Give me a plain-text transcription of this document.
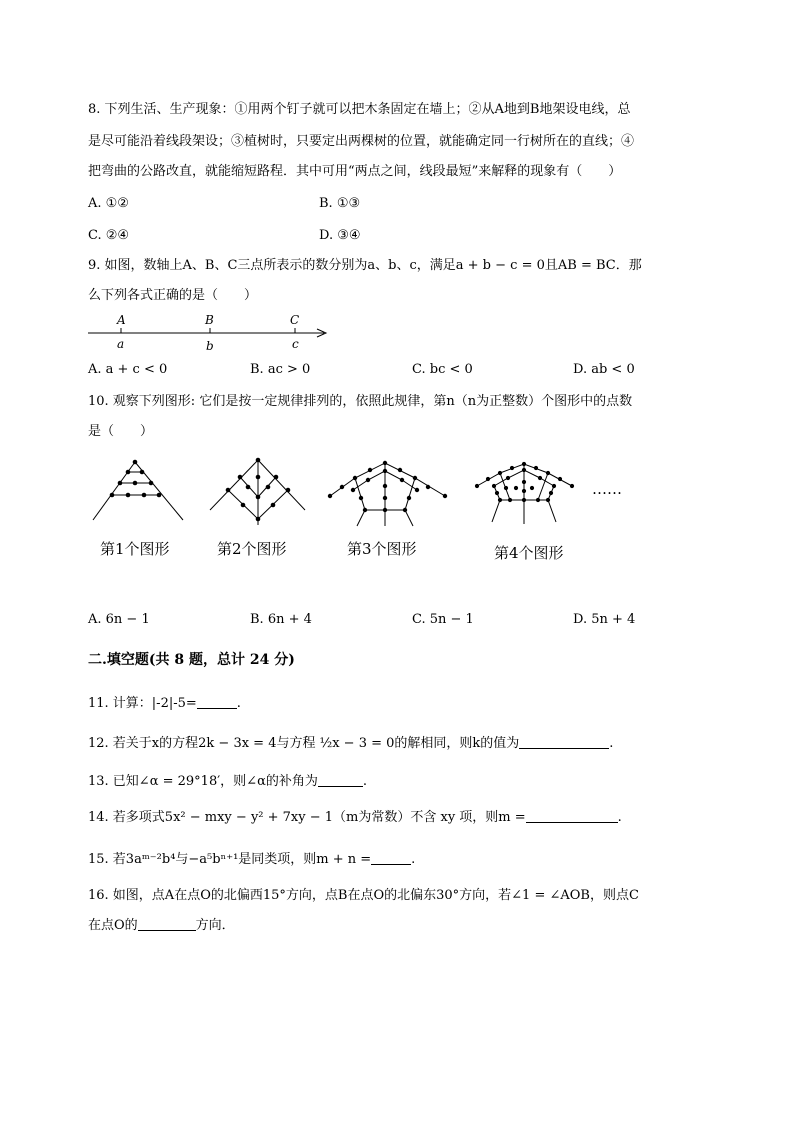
8. 下列生活、生产现象：①用两个钉子就可以把木条固定在墙上；②从A地到B地架设电线，总
是尽可能沿着线段架设；③植树时，只要定出两棵树的位置，就能确定同一行树所在的直线；④
把弯曲的公路改直，就能缩短路程．其中可用“两点之间，线段最短”来解释的现象有（　　）
A. ①②	B. ①③
C. ②④	D. ③④
9. 如图，数轴上A、B、C三点所表示的数分别为a、b、c，满足a + b − c = 0且AB = BC．那
么下列各式正确的是（　　）
A	B	C
a	b	c
A. a + c < 0	B. ac > 0	C. bc < 0	D. ab < 0
10. 观察下列图形: 它们是按一定规律排列的，依照此规律，第n（n为正整数）个图形中的点数
是（　　）
……
第1个图形	第2个图形	第3个图形	第4个图形
A. 6n − 1	B. 6n + 4	C. 5n − 1	D. 5n + 4
二.填空题(共 8 题，总计 24 分)
11. 计算：|-2|-5=	.
12. 若关于x的方程2k − 3x = 4与方程 ½x − 3 = 0的解相同，则k的值为	.
13. 已知∠α = 29°18′，则∠α的补角为	.
14. 若多项式5x² − mxy − y² + 7xy − 1（m为常数）不含 xy 项，则m =	.
15. 若3aᵐ⁻²b⁴与−a⁵bⁿ⁺¹是同类项，则m + n =	.
16. 如图，点A在点O的北偏西15°方向，点B在点O的北偏东30°方向，若∠1 = ∠AOB，则点C
在点O的	方向．
